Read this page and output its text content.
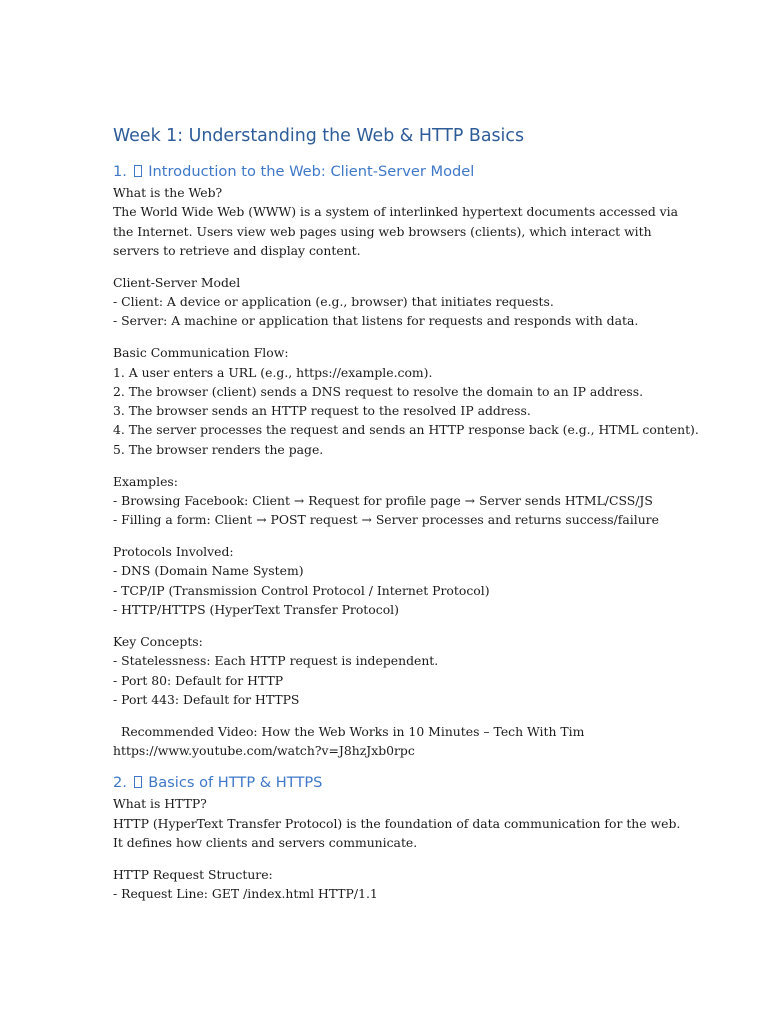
Week 1: Understanding the Web & HTTP Basics
1. Introduction to the Web: Client-Server Model

What is the Web?
The World Wide Web (WWW) is a system of interlinked hypertext documents accessed via
the Internet. Users view web pages using web browsers (clients), which interact with
servers to retrieve and display content.

Client-Server Model
- Client: A device or application (e.g., browser) that initiates requests.
- Server: A machine or application that listens for requests and responds with data.

Basic Communication Flow:
1. A user enters a URL (e.g., https://example.com).
2. The browser (client) sends a DNS request to resolve the domain to an IP address.
3. The browser sends an HTTP request to the resolved IP address.
4. The server processes the request and sends an HTTP response back (e.g., HTML content).
5. The browser renders the page.

Examples:
- Browsing Facebook: Client → Request for profile page → Server sends HTML/CSS/JS
- Filling a form: Client → POST request → Server processes and returns success/failure

Protocols Involved:
- DNS (Domain Name System)
- TCP/IP (Transmission Control Protocol / Internet Protocol)
- HTTP/HTTPS (HyperText Transfer Protocol)

Key Concepts:
- Statelessness: Each HTTP request is independent.
- Port 80: Default for HTTP
- Port 443: Default for HTTPS

Recommended Video: How the Web Works in 10 Minutes – Tech With Tim
https://www.youtube.com/watch?v=J8hzJxb0rpc

2. Basics of HTTP & HTTPS

What is HTTP?
HTTP (HyperText Transfer Protocol) is the foundation of data communication for the web.
It defines how clients and servers communicate.

HTTP Request Structure:
- Request Line: GET /index.html HTTP/1.1
